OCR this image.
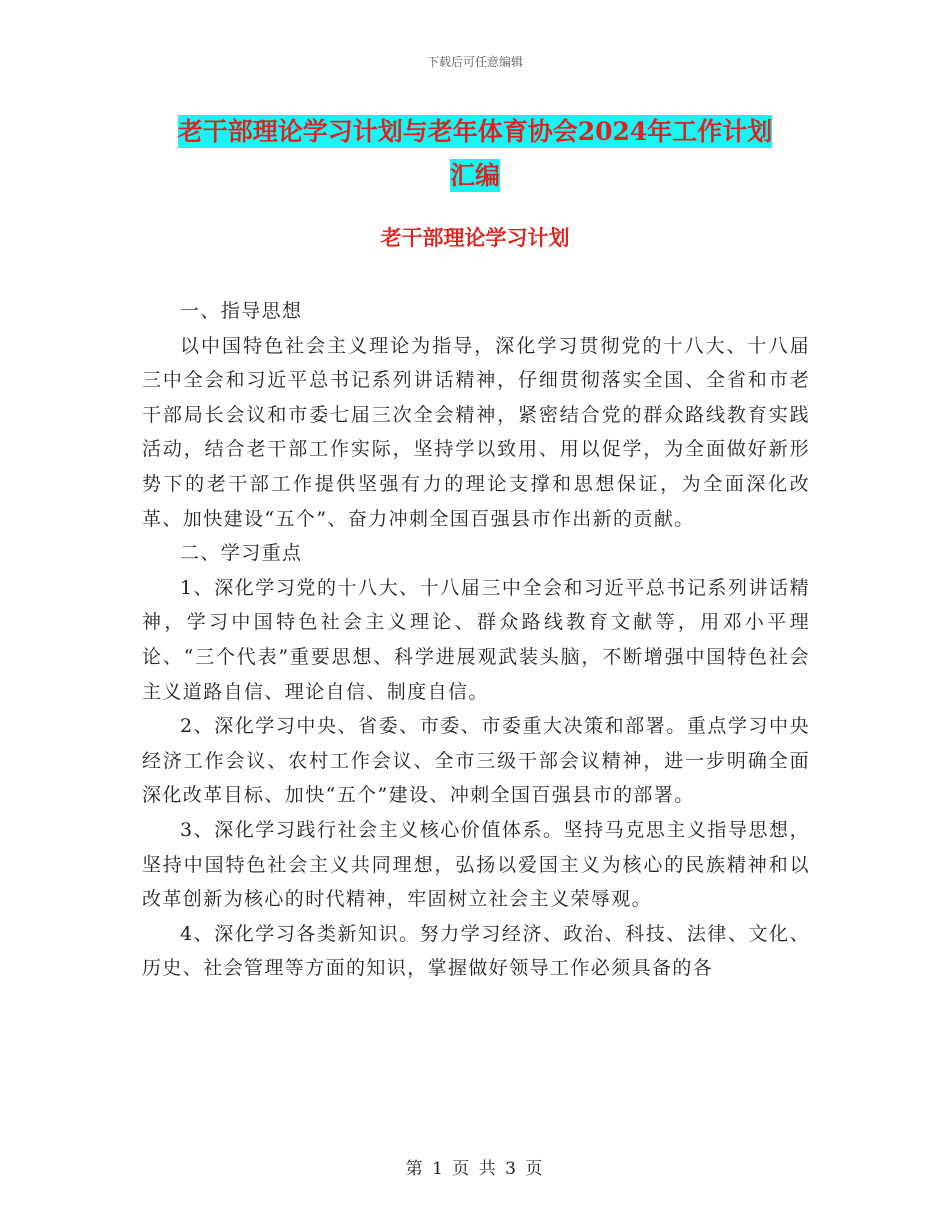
下载后可任意编辑
老干部理论学习计划与老年体育协会2024年工作计划
汇编
老干部理论学习计划

一、指导思想

以中国特色社会主义理论为指导，深化学习贯彻党的十八大、十八届三中全会和习近平总书记系列讲话精神，仔细贯彻落实全国、全省和市老干部局长会议和市委七届三次全会精神，紧密结合党的群众路线教育实践活动，结合老干部工作实际，坚持学以致用、用以促学，为全面做好新形势下的老干部工作提供坚强有力的理论支撑和思想保证，为全面深化改革、加快建设“五个”、奋力冲刺全国百强县市作出新的贡献。

二、学习重点

1、深化学习党的十八大、十八届三中全会和习近平总书记系列讲话精神，学习中国特色社会主义理论、群众路线教育文献等，用邓小平理论、“三个代表”重要思想、科学进展观武装头脑，不断增强中国特色社会主义道路自信、理论自信、制度自信。

2、深化学习中央、省委、市委、市委重大决策和部署。重点学习中央经济工作会议、农村工作会议、全市三级干部会议精神，进一步明确全面深化改革目标、加快“五个”建设、冲刺全国百强县市的部署。

3、深化学习践行社会主义核心价值体系。坚持马克思主义指导思想，坚持中国特色社会主义共同理想，弘扬以爱国主义为核心的民族精神和以改革创新为核心的时代精神，牢固树立社会主义荣辱观。

4、深化学习各类新知识。努力学习经济、政治、科技、法律、文化、历史、社会管理等方面的知识，掌握做好领导工作必须具备的各

第 1 页 共 3 页
